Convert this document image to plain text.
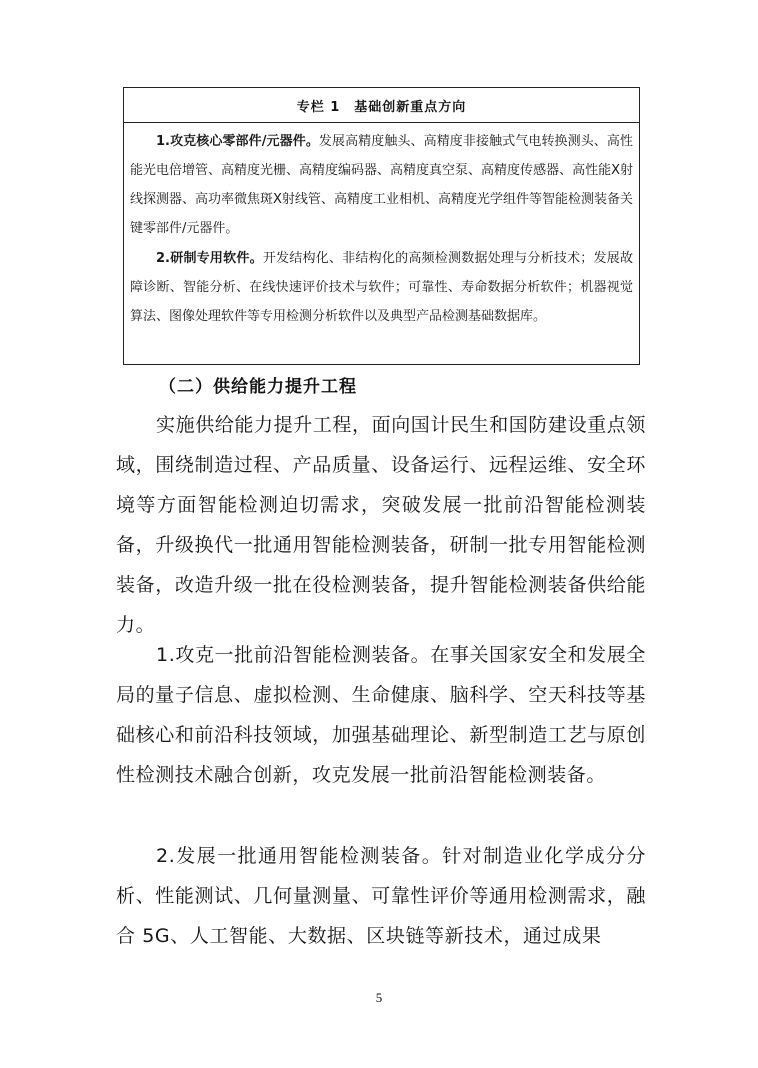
专栏 1 基础创新重点方向

1.攻克核心零部件/元器件。发展高精度触头、高精度非接触式气电转换测头、高性能光电倍增管、高精度光栅、高精度编码器、高精度真空泵、高精度传感器、高性能X射线探测器、高功率微焦斑X射线管、高精度工业相机、高精度光学组件等智能检测装备关键零部件/元器件。

2.研制专用软件。开发结构化、非结构化的高频检测数据处理与分析技术；发展故障诊断、智能分析、在线快速评价技术与软件；可靠性、寿命数据分析软件；机器视觉算法、图像处理软件等专用检测分析软件以及典型产品检测基础数据库。

（二）供给能力提升工程

实施供给能力提升工程，面向国计民生和国防建设重点领域，围绕制造过程、产品质量、设备运行、远程运维、安全环境等方面智能检测迫切需求，突破发展一批前沿智能检测装备，升级换代一批通用智能检测装备，研制一批专用智能检测装备，改造升级一批在役检测装备，提升智能检测装备供给能力。

1.攻克一批前沿智能检测装备。在事关国家安全和发展全局的量子信息、虚拟检测、生命健康、脑科学、空天科技等基础核心和前沿科技领域，加强基础理论、新型制造工艺与原创性检测技术融合创新，攻克发展一批前沿智能检测装备。

2.发展一批通用智能检测装备。针对制造业化学成分分析、性能测试、几何量测量、可靠性评价等通用检测需求，融合 5G、人工智能、大数据、区块链等新技术，通过成果

5
